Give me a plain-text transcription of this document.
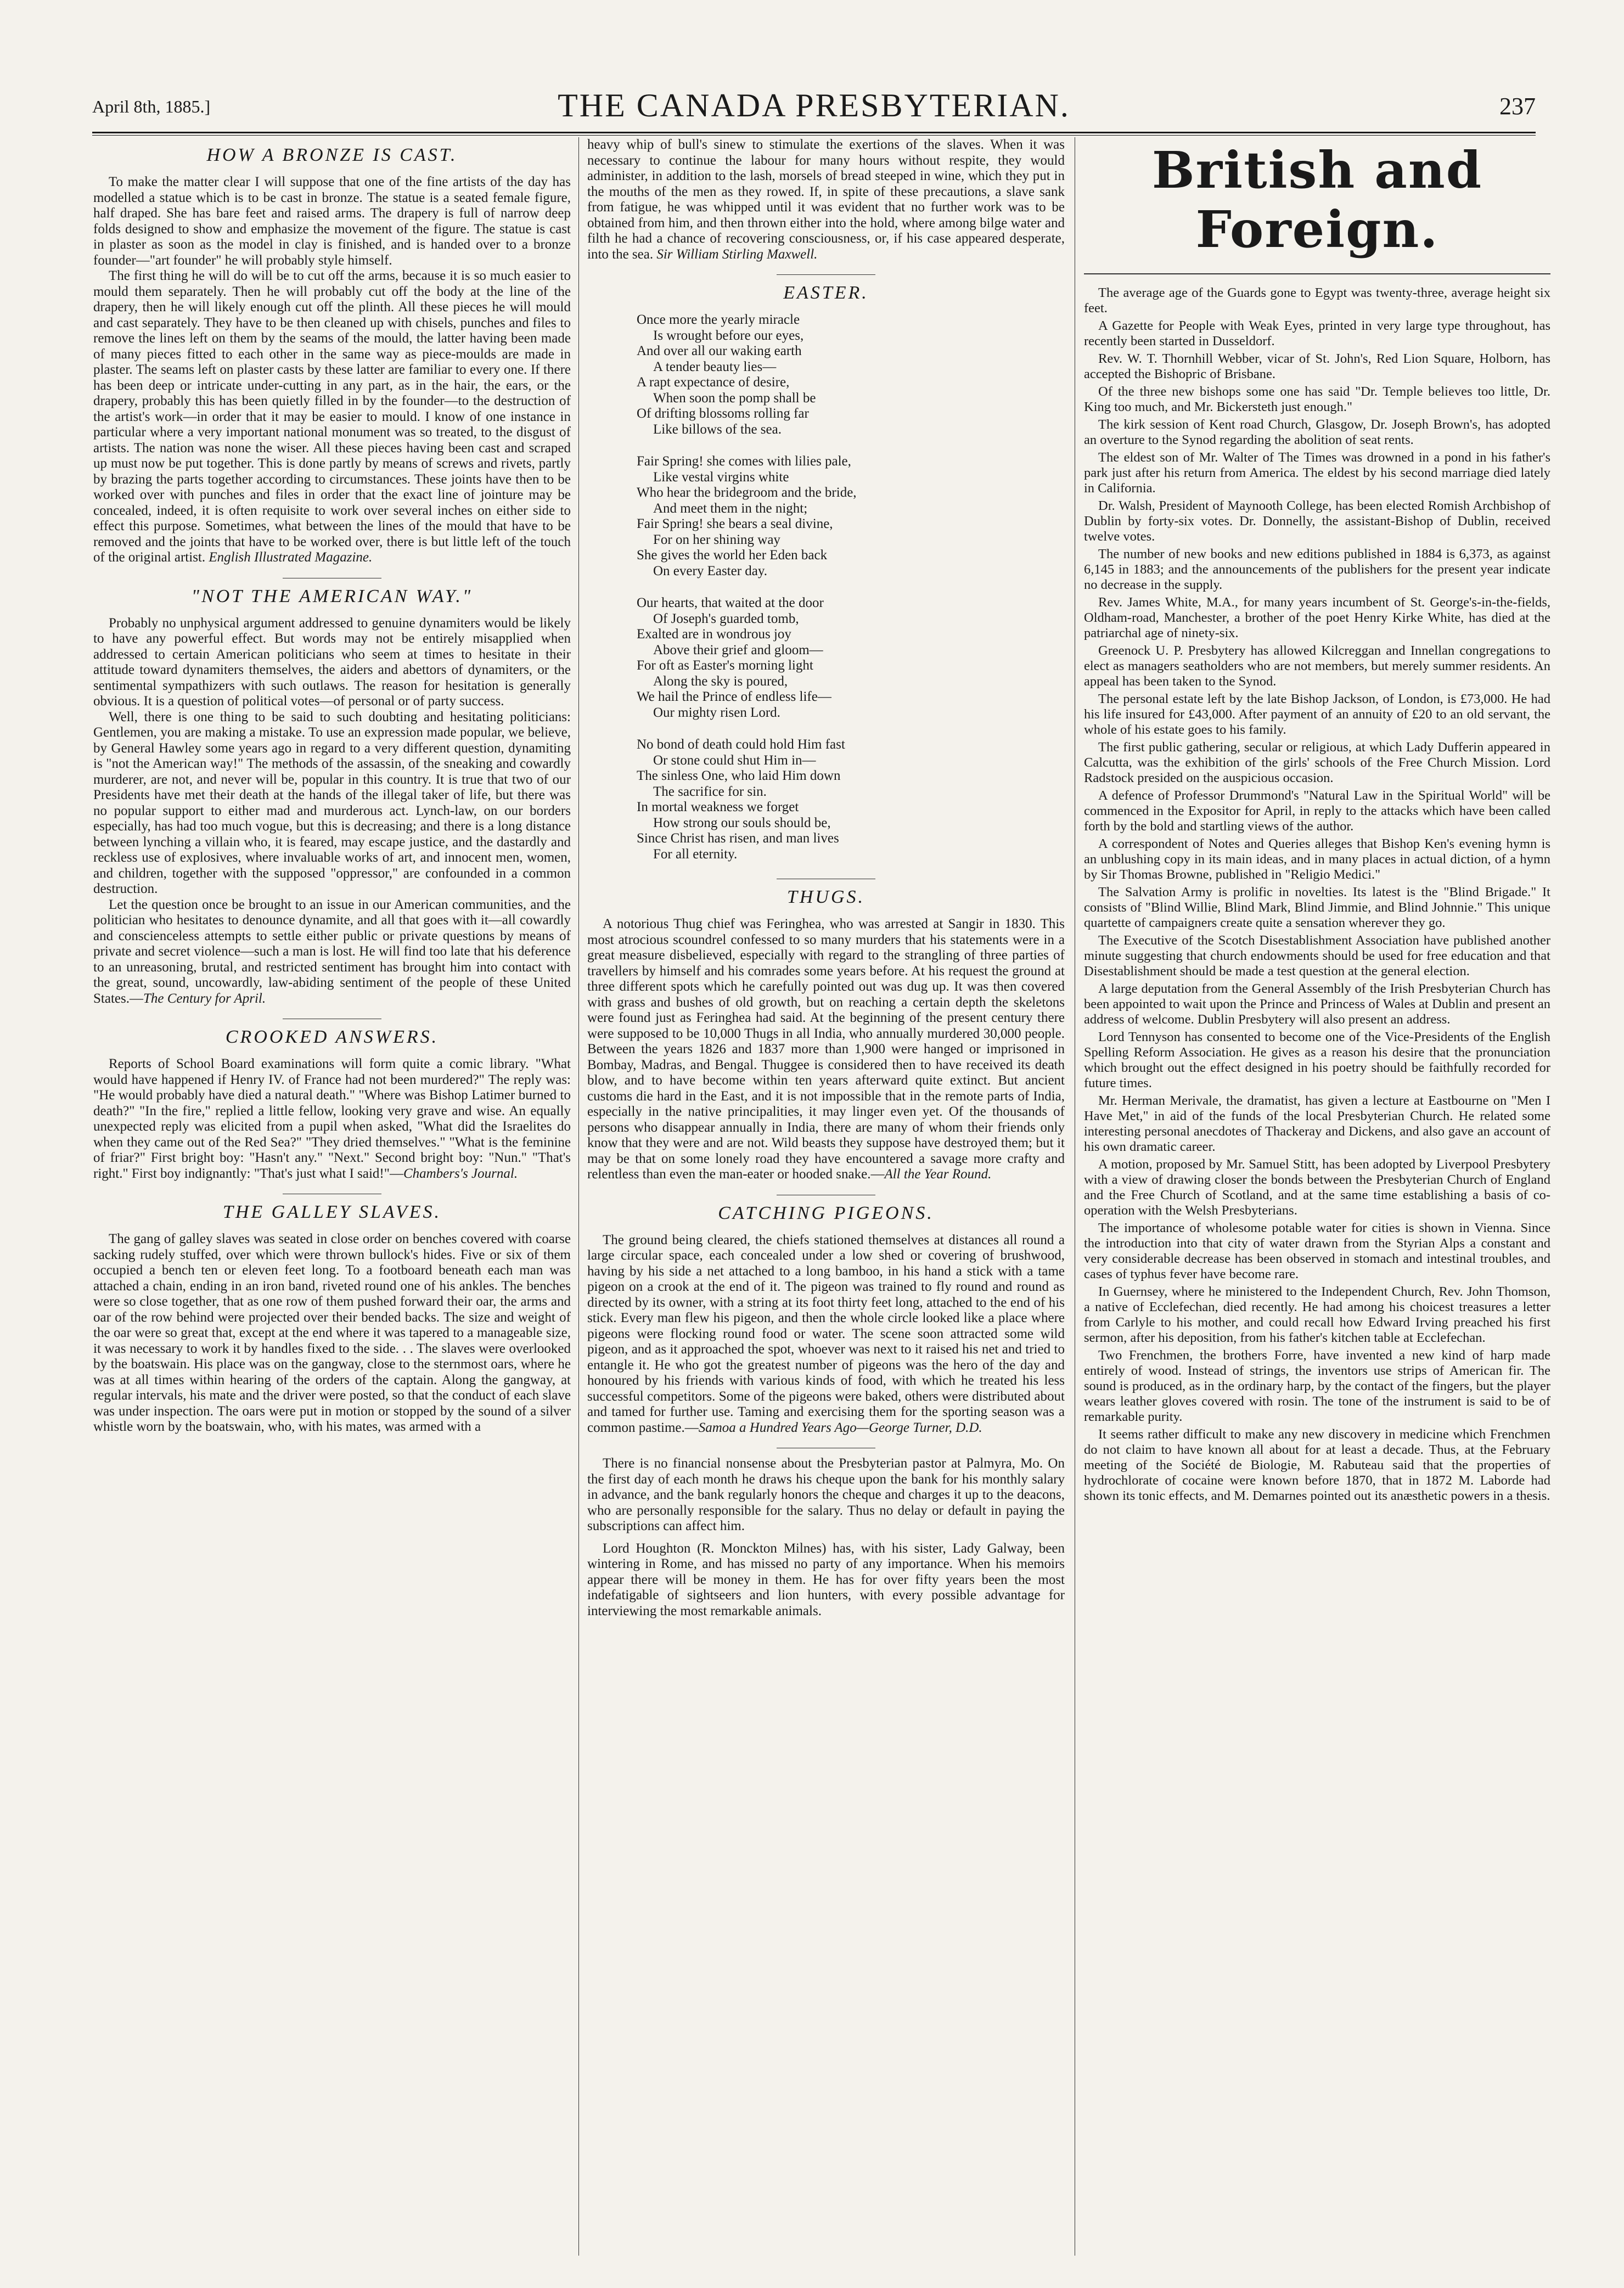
April 8th, 1885.]	THE CANADA PRESBYTERIAN.	237
HOW A BRONZE IS CAST.

To make the matter clear I will suppose that one of the fine artists of the day has modelled a statue which is to be cast in bronze. The statue is a seated female figure, half draped. She has bare feet and raised arms. The drapery is full of narrow deep folds designed to show and emphasize the movement of the figure. The statue is cast in plaster as soon as the model in clay is finished, and is handed over to a bronze founder—"art founder" he will probably style himself.

The first thing he will do will be to cut off the arms, because it is so much easier to mould them separately. Then he will probably cut off the body at the line of the drapery, then he will likely enough cut off the plinth. All these pieces he will mould and cast separately. They have to be then cleaned up with chisels, punches and files to remove the lines left on them by the seams of the mould, the latter having been made of many pieces fitted to each other in the same way as piece-moulds are made in plaster. The seams left on plaster casts by these latter are familiar to every one. If there has been deep or intricate under-cutting in any part, as in the hair, the ears, or the drapery, probably this has been quietly filled in by the founder—to the destruction of the artist's work—in order that it may be easier to mould. I know of one instance in particular where a very important national monument was so treated, to the disgust of artists. The nation was none the wiser. All these pieces having been cast and scraped up must now be put together. This is done partly by means of screws and rivets, partly by brazing the parts together according to circumstances. These joints have then to be worked over with punches and files in order that the exact line of jointure may be concealed, indeed, it is often requisite to work over several inches on either side to effect this purpose. Sometimes, what between the lines of the mould that have to be removed and the joints that have to be worked over, there is but little left of the touch of the original artist. English Illustrated Magazine.

"NOT THE AMERICAN WAY."

Probably no unphysical argument addressed to genuine dynamiters would be likely to have any powerful effect. But words may not be entirely misapplied when addressed to certain American politicians who seem at times to hesitate in their attitude toward dynamiters themselves, the aiders and abettors of dynamiters, or the sentimental sympathizers with such outlaws. The reason for hesitation is generally obvious. It is a question of political votes—of personal or of party success.

Well, there is one thing to be said to such doubting and hesitating politicians: Gentlemen, you are making a mistake. To use an expression made popular, we believe, by General Hawley some years ago in regard to a very different question, dynamiting is "not the American way!" The methods of the assassin, of the sneaking and cowardly murderer, are not, and never will be, popular in this country. It is true that two of our Presidents have met their death at the hands of the illegal taker of life, but there was no popular support to either mad and murderous act. Lynch-law, on our borders especially, has had too much vogue, but this is decreasing; and there is a long distance between lynching a villain who, it is feared, may escape justice, and the dastardly and reckless use of explosives, where invaluable works of art, and innocent men, women, and children, together with the supposed "oppressor," are confounded in a common destruction.

Let the question once be brought to an issue in our American communities, and the politician who hesitates to denounce dynamite, and all that goes with it—all cowardly and conscienceless attempts to settle either public or private questions by means of private and secret violence—such a man is lost. He will find too late that his deference to an unreasoning, brutal, and restricted sentiment has brought him into contact with the great, sound, uncowardly, law-abiding sentiment of the people of these United States.—The Century for April.

CROOKED ANSWERS.

Reports of School Board examinations will form quite a comic library. "What would have happened if Henry IV. of France had not been murdered?" The reply was: "He would probably have died a natural death." "Where was Bishop Latimer burned to death?" "In the fire," replied a little fellow, looking very grave and wise. An equally unexpected reply was elicited from a pupil when asked, "What did the Israelites do when they came out of the Red Sea?" "They dried themselves." "What is the feminine of friar?" First bright boy: "Hasn't any." "Next." Second bright boy: "Nun." "That's right." First boy indignantly: "That's just what I said!"—Chambers's Journal.

THE GALLEY SLAVES.

The gang of galley slaves was seated in close order on benches covered with coarse sacking rudely stuffed, over which were thrown bullock's hides. Five or six of them occupied a bench ten or eleven feet long. To a footboard beneath each man was attached a chain, ending in an iron band, riveted round one of his ankles. The benches were so close together, that as one row of them pushed forward their oar, the arms and oar of the row behind were projected over their bended backs. The size and weight of the oar were so great that, except at the end where it was tapered to a manageable size, it was necessary to work it by handles fixed to the side. . . The slaves were overlooked by the boatswain. His place was on the gangway, close to the sternmost oars, where he was at all times within hearing of the orders of the captain. Along the gangway, at regular intervals, his mate and the driver were posted, so that the conduct of each slave was under inspection. The oars were put in motion or stopped by the sound of a silver whistle worn by the boatswain, who, with his mates, was armed with a

heavy whip of bull's sinew to stimulate the exertions of the slaves. When it was necessary to continue the labour for many hours without respite, they would administer, in addition to the lash, morsels of bread steeped in wine, which they put in the mouths of the men as they rowed. If, in spite of these precautions, a slave sank from fatigue, he was whipped until it was evident that no further work was to be obtained from him, and then thrown either into the hold, where among bilge water and filth he had a chance of recovering consciousness, or, if his case appeared desperate, into the sea. Sir William Stirling Maxwell.

EASTER.
Once more the yearly miracle
Is wrought before our eyes,
And over all our waking earth
A tender beauty lies—
A rapt expectance of desire,
When soon the pomp shall be
Of drifting blossoms rolling far
Like billows of the sea.
Fair Spring! she comes with lilies pale,
Like vestal virgins white
Who hear the bridegroom and the bride,
And meet them in the night;
Fair Spring! she bears a seal divine,
For on her shining way
She gives the world her Eden back
On every Easter day.
Our hearts, that waited at the door
Of Joseph's guarded tomb,
Exalted are in wondrous joy
Above their grief and gloom—
For oft as Easter's morning light
Along the sky is poured,
We hail the Prince of endless life—
Our mighty risen Lord.
No bond of death could hold Him fast
Or stone could shut Him in—
The sinless One, who laid Him down
The sacrifice for sin.
In mortal weakness we forget
How strong our souls should be,
Since Christ has risen, and man lives
For all eternity.
THUGS.

A notorious Thug chief was Feringhea, who was arrested at Sangir in 1830. This most atrocious scoundrel confessed to so many murders that his statements were in a great measure disbelieved, especially with regard to the strangling of three parties of travellers by himself and his comrades some years before. At his request the ground at three different spots which he carefully pointed out was dug up. It was then covered with grass and bushes of old growth, but on reaching a certain depth the skeletons were found just as Feringhea had said. At the beginning of the present century there were supposed to be 10,000 Thugs in all India, who annually murdered 30,000 people. Between the years 1826 and 1837 more than 1,900 were hanged or imprisoned in Bombay, Madras, and Bengal. Thuggee is considered then to have received its death blow, and to have become within ten years afterward quite extinct. But ancient customs die hard in the East, and it is not impossible that in the remote parts of India, especially in the native principalities, it may linger even yet. Of the thousands of persons who disappear annually in India, there are many of whom their friends only know that they were and are not. Wild beasts they suppose have destroyed them; but it may be that on some lonely road they have encountered a savage more crafty and relentless than even the man-eater or hooded snake.—All the Year Round.

CATCHING PIGEONS.

The ground being cleared, the chiefs stationed themselves at distances all round a large circular space, each concealed under a low shed or covering of brushwood, having by his side a net attached to a long bamboo, in his hand a stick with a tame pigeon on a crook at the end of it. The pigeon was trained to fly round and round as directed by its owner, with a string at its foot thirty feet long, attached to the end of his stick. Every man flew his pigeon, and then the whole circle looked like a place where pigeons were flocking round food or water. The scene soon attracted some wild pigeon, and as it approached the spot, whoever was next to it raised his net and tried to entangle it. He who got the greatest number of pigeons was the hero of the day and honoured by his friends with various kinds of food, with which he treated his less successful competitors. Some of the pigeons were baked, others were distributed about and tamed for further use. Taming and exercising them for the sporting season was a common pastime.—Samoa a Hundred Years Ago—George Turner, D.D.

There is no financial nonsense about the Presbyterian pastor at Palmyra, Mo. On the first day of each month he draws his cheque upon the bank for his monthly salary in advance, and the bank regularly honors the cheque and charges it up to the deacons, who are personally responsible for the salary. Thus no delay or default in paying the subscriptions can affect him.

Lord Houghton (R. Monckton Milnes) has, with his sister, Lady Galway, been wintering in Rome, and has missed no party of any importance. When his memoirs appear there will be money in them. He has for over fifty years been the most indefatigable of sightseers and lion hunters, with every possible advantage for interviewing the most remarkable animals.

British and Foreign.

The average age of the Guards gone to Egypt was twenty-three, average height six feet.

A Gazette for People with Weak Eyes, printed in very large type throughout, has recently been started in Dusseldorf.

Rev. W. T. Thornhill Webber, vicar of St. John's, Red Lion Square, Holborn, has accepted the Bishopric of Brisbane.

Of the three new bishops some one has said "Dr. Temple believes too little, Dr. King too much, and Mr. Bickersteth just enough."

The kirk session of Kent road Church, Glasgow, Dr. Joseph Brown's, has adopted an overture to the Synod regarding the abolition of seat rents.

The eldest son of Mr. Walter of The Times was drowned in a pond in his father's park just after his return from America. The eldest by his second marriage died lately in California.

Dr. Walsh, President of Maynooth College, has been elected Romish Archbishop of Dublin by forty-six votes. Dr. Donnelly, the assistant-Bishop of Dublin, received twelve votes.

The number of new books and new editions published in 1884 is 6,373, as against 6,145 in 1883; and the announcements of the publishers for the present year indicate no decrease in the supply.

Rev. James White, M.A., for many years incumbent of St. George's-in-the-fields, Oldham-road, Manchester, a brother of the poet Henry Kirke White, has died at the patriarchal age of ninety-six.

Greenock U. P. Presbytery has allowed Kilcreggan and Innellan congregations to elect as managers seatholders who are not members, but merely summer residents. An appeal has been taken to the Synod.

The personal estate left by the late Bishop Jackson, of London, is £73,000. He had his life insured for £43,000. After payment of an annuity of £20 to an old servant, the whole of his estate goes to his family.

The first public gathering, secular or religious, at which Lady Dufferin appeared in Calcutta, was the exhibition of the girls' schools of the Free Church Mission. Lord Radstock presided on the auspicious occasion.

A defence of Professor Drummond's "Natural Law in the Spiritual World" will be commenced in the Expositor for April, in reply to the attacks which have been called forth by the bold and startling views of the author.

A correspondent of Notes and Queries alleges that Bishop Ken's evening hymn is an unblushing copy in its main ideas, and in many places in actual diction, of a hymn by Sir Thomas Browne, published in "Religio Medici."

The Salvation Army is prolific in novelties. Its latest is the "Blind Brigade." It consists of "Blind Willie, Blind Mark, Blind Jimmie, and Blind Johnnie." This unique quartette of campaigners create quite a sensation wherever they go.

The Executive of the Scotch Disestablishment Association have published another minute suggesting that church endowments should be used for free education and that Disestablishment should be made a test question at the general election.

A large deputation from the General Assembly of the Irish Presbyterian Church has been appointed to wait upon the Prince and Princess of Wales at Dublin and present an address of welcome. Dublin Presbytery will also present an address.

Lord Tennyson has consented to become one of the Vice-Presidents of the English Spelling Reform Association. He gives as a reason his desire that the pronunciation which brought out the effect designed in his poetry should be faithfully recorded for future times.

Mr. Herman Merivale, the dramatist, has given a lecture at Eastbourne on "Men I Have Met," in aid of the funds of the local Presbyterian Church. He related some interesting personal anecdotes of Thackeray and Dickens, and also gave an account of his own dramatic career.

A motion, proposed by Mr. Samuel Stitt, has been adopted by Liverpool Presbytery with a view of drawing closer the bonds between the Presbyterian Church of England and the Free Church of Scotland, and at the same time establishing a basis of co-operation with the Welsh Presbyterians.

The importance of wholesome potable water for cities is shown in Vienna. Since the introduction into that city of water drawn from the Styrian Alps a constant and very considerable decrease has been observed in stomach and intestinal troubles, and cases of typhus fever have become rare.

In Guernsey, where he ministered to the Independent Church, Rev. John Thomson, a native of Ecclefechan, died recently. He had among his choicest treasures a letter from Carlyle to his mother, and could recall how Edward Irving preached his first sermon, after his deposition, from his father's kitchen table at Ecclefechan.

Two Frenchmen, the brothers Forre, have invented a new kind of harp made entirely of wood. Instead of strings, the inventors use strips of American fir. The sound is produced, as in the ordinary harp, by the contact of the fingers, but the player wears leather gloves covered with rosin. The tone of the instrument is said to be of remarkable purity.

It seems rather difficult to make any new discovery in medicine which Frenchmen do not claim to have known all about for at least a decade. Thus, at the February meeting of the Société de Biologie, M. Rabuteau said that the properties of hydrochlorate of cocaine were known before 1870, that in 1872 M. Laborde had shown its tonic effects, and M. Demarnes pointed out its anæsthetic powers in a thesis.
